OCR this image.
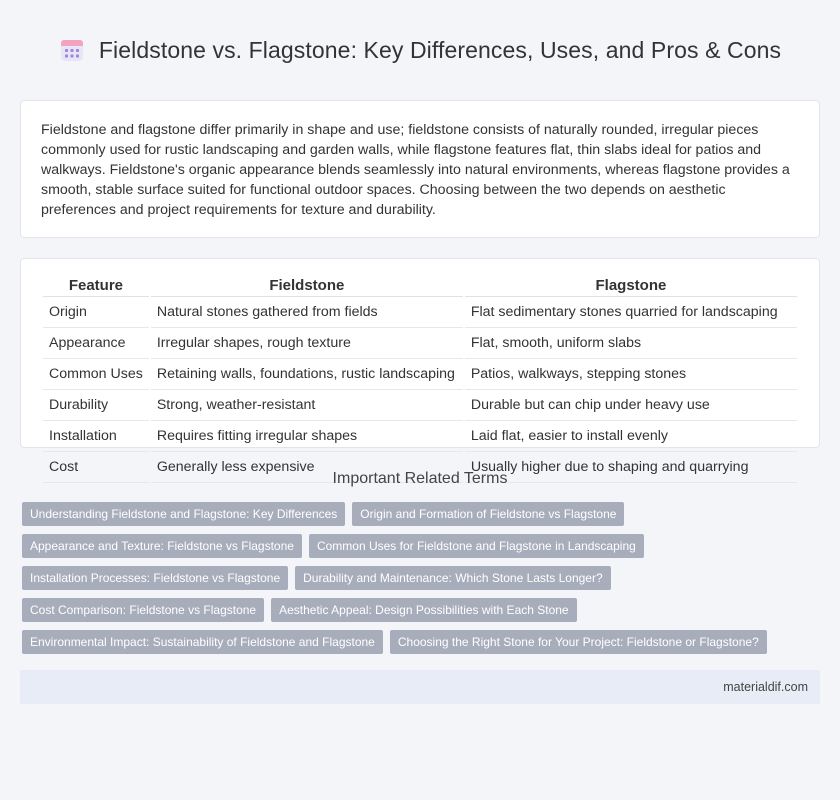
Fieldstone vs. Flagstone: Key Differences, Uses, and Pros & Cons

Fieldstone and flagstone differ primarily in shape and use; fieldstone consists of naturally rounded, irregular pieces commonly used for rustic landscaping and garden walls, while flagstone features flat, thin slabs ideal for patios and walkways. Fieldstone's organic appearance blends seamlessly into natural environments, whereas flagstone provides a smooth, stable surface suited for functional outdoor spaces. Choosing between the two depends on aesthetic preferences and project requirements for texture and durability.

Feature	Fieldstone	Flagstone
Origin	Natural stones gathered from fields	Flat sedimentary stones quarried for landscaping
Appearance	Irregular shapes, rough texture	Flat, smooth, uniform slabs
Common Uses	Retaining walls, foundations, rustic landscaping	Patios, walkways, stepping stones
Durability	Strong, weather-resistant	Durable but can chip under heavy use
Installation	Requires fitting irregular shapes	Laid flat, easier to install evenly
Cost	Generally less expensive	Usually higher due to shaping and quarrying
Important Related Terms
Understanding Fieldstone and Flagstone: Key Differences	Origin and Formation of Fieldstone vs Flagstone
Appearance and Texture: Fieldstone vs Flagstone	Common Uses for Fieldstone and Flagstone in Landscaping
Installation Processes: Fieldstone vs Flagstone	Durability and Maintenance: Which Stone Lasts Longer?
Cost Comparison: Fieldstone vs Flagstone	Aesthetic Appeal: Design Possibilities with Each Stone
Environmental Impact: Sustainability of Fieldstone and Flagstone	Choosing the Right Stone for Your Project: Fieldstone or Flagstone?
materialdif.com
